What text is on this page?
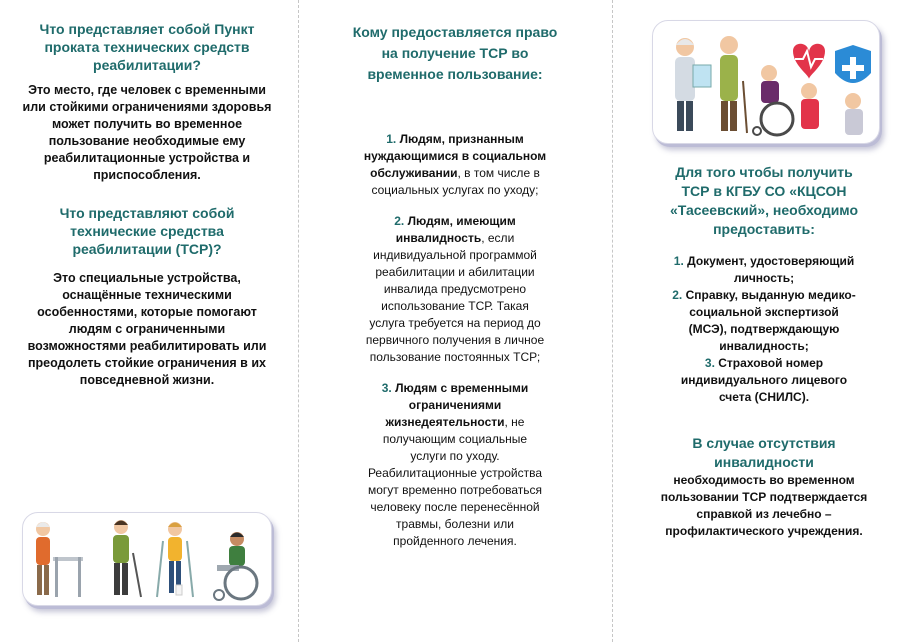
Что представляет собой Пункт проката технических средств реабилитации?

Это место, где человек с временными или стойкими ограничениями здоровья может получить во временное пользование необходимые ему реабилитационные устройства и приспособления.

Что представляют собой технические средства реабилитации (ТСР)?

Это специальные устройства, оснащённые техническими особенностями, которые помогают людям с ограниченными возможностями реабилитировать или преодолеть стойкие ограничения в их повседневной жизни.

Кому предоставляется право на получение ТСР во временное пользование:

1. Людям, признанным нуждающимися в социальном обслуживании, в том числе в социальных услугах по уходу;

2. Людям, имеющим инвалидность, если индивидуальной программой реабилитации и абилитации инвалида предусмотрено использование ТСР. Такая услуга требуется на период до первичного получения в личное пользование постоянных ТСР;

3. Людям с временными ограничениями жизнедеятельности, не получающим социальные услуги по уходу. Реабилитационные устройства могут временно потребоваться человеку после перенесённой травмы, болезни или пройденного лечения.

Для того чтобы получить ТСР в КГБУ СО «КЦСОН «Тасеевский», необходимо предоставить:

1. Документ, удостоверяющий личность;

2. Справку, выданную медико-социальной экспертизой (МСЭ), подтверждающую инвалидность;

3. Страховой номер индивидуального лицевого счета (СНИЛС).

В случае отсутствия инвалидности

необходимость во временном пользовании ТСР подтверждается справкой из лечебно –профилактического учреждения.
